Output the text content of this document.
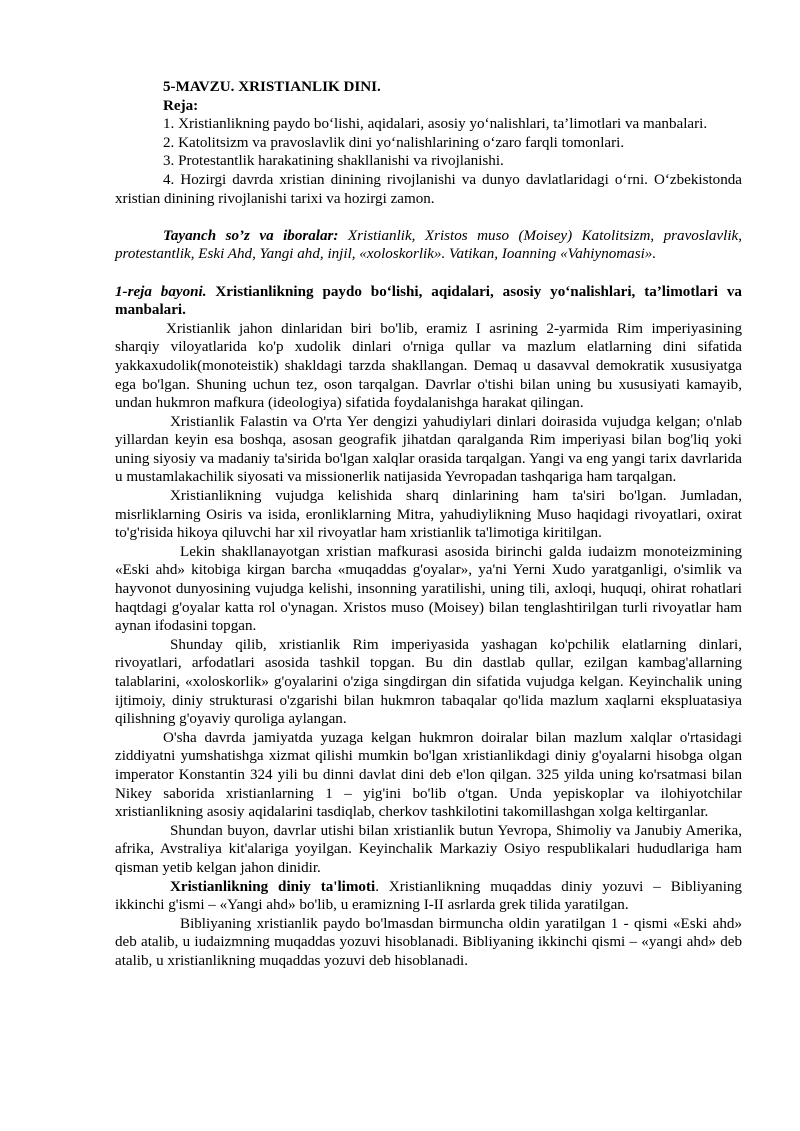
5-MAVZU. XRISTIANLIK DINI.

Reja:

1. Xristianlikning paydo bo‘lishi, aqidalari, asosiy yo‘nalishlari, ta’limotlari va manbalari.

2. Katolitsizm va pravoslavlik dini yo‘nalishlarining o‘zaro farqli tomonlari.

3. Protestantlik harakatining shakllanishi va rivojlanishi.

4. Hozirgi davrda xristian dinining rivojlanishi va dunyo davlatlaridagi o‘rni. O‘zbekistonda xristian dinining rivojlanishi tarixi va hozirgi zamon.

Tayanch so’z va iboralar: Xristianlik, Xristos muso (Moisey) Katolitsizm, pravoslavlik, protestantlik, Eski Ahd, Yangi ahd, injil, «xoloskorlik». Vatikan, Ioanning «Vahiynomasi».

1-reja bayoni. Xristianlikning paydo bo‘lishi, aqidalari, asosiy yo‘nalishlari, ta’limotlari va manbalari.

Xristianlik jahon dinlaridan biri bo'lib, eramiz I asrining 2-yarmida Rim imperiyasining sharqiy viloyatlarida ko'p xudolik dinlari o'rniga qullar va mazlum elatlarning dini sifatida yakkaxudolik(monoteistik) shakldagi tarzda shakllangan. Demaq u dasavval demokratik xususiyatga ega bo'lgan. Shuning uchun tez, oson tarqalgan. Davrlar o'tishi bilan uning bu xususiyati kamayib, undan hukmron mafkura (ideologiya) sifatida foydalanishga harakat qilingan.

Xristianlik Falastin va O'rta Yer dengizi yahudiylari dinlari doirasida vujudga kelgan; o'nlab yillardan keyin esa boshqa, asosan geografik jihatdan qaralganda Rim imperiyasi bilan bog'liq yoki uning siyosiy va madaniy ta'sirida bo'lgan xalqlar orasida tarqalgan. Yangi va eng yangi tarix davrlarida u mustamlakachilik siyosati va missionerlik natijasida Yevropadan tashqariga ham tarqalgan.

Xristianlikning vujudga kelishida sharq dinlarining ham ta'siri bo'lgan. Jumladan, misrliklarning Osiris va isida, eronliklarning Mitra, yahudiylikning Muso haqidagi rivoyatlari, oxirat to'g'risida hikoya qiluvchi har xil rivoyatlar ham xristianlik ta'limotiga kiritilgan.

Lekin shakllanayotgan xristian mafkurasi asosida birinchi galda iudaizm monoteizmining «Eski ahd» kitobiga kirgan barcha «muqaddas g'oyalar», ya'ni Yerni Xudo yaratganligi, o'simlik va hayvonot dunyosining vujudga kelishi, insonning yaratilishi, uning tili, axloqi, huquqi, ohirat rohatlari haqtdagi g'oyalar katta rol o'ynagan. Xristos muso (Moisey) bilan tenglashtirilgan turli rivoyatlar ham aynan ifodasini topgan.

Shunday qilib, xristianlik Rim imperiyasida yashagan ko'pchilik elatlarning dinlari, rivoyatlari, arfodatlari asosida tashkil topgan. Bu din dastlab qullar, ezilgan kambag'allarning talablarini, «xoloskorlik» g'oyalarini o'ziga singdirgan din sifatida vujudga kelgan. Keyinchalik uning ijtimoiy, diniy strukturasi o'zgarishi bilan hukmron tabaqalar qo'lida mazlum xaqlarni ekspluatasiya qilishning g'oyaviy quroliga aylangan.

O'sha davrda jamiyatda yuzaga kelgan hukmron doiralar bilan mazlum xalqlar o'rtasidagi ziddiyatni yumshatishga xizmat qilishi mumkin bo'lgan xristianlikdagi diniy g'oyalarni hisobga olgan imperator Konstantin 324 yili bu dinni davlat dini deb e'lon qilgan. 325 yilda uning ko'rsatmasi bilan Nikey saborida xristianlarning 1 – yig'ini bo'lib o'tgan. Unda yepiskoplar va ilohiyotchilar xristianlikning asosiy aqidalarini tasdiqlab, cherkov tashkilotini takomillashgan xolga keltirganlar.

Shundan buyon, davrlar utishi bilan xristianlik butun Yevropa, Shimoliy va Janubiy Amerika, afrika, Avstraliya kit'alariga yoyilgan. Keyinchalik Markaziy Osiyo respublikalari hududlariga ham qisman yetib kelgan jahon dinidir.

Xristianlikning diniy ta'limoti. Xristianlikning muqaddas diniy yozuvi – Bibliyaning ikkinchi g'ismi – «Yangi ahd» bo'lib, u eramizning I-II asrlarda grek tilida yaratilgan.

Bibliyaning xristianlik paydo bo'lmasdan birmuncha oldin yaratilgan 1 - qismi «Eski ahd» deb atalib, u iudaizmning muqaddas yozuvi hisoblanadi. Bibliyaning ikkinchi qismi – «yangi ahd» deb atalib, u xristianlikning muqaddas yozuvi deb hisoblanadi.
